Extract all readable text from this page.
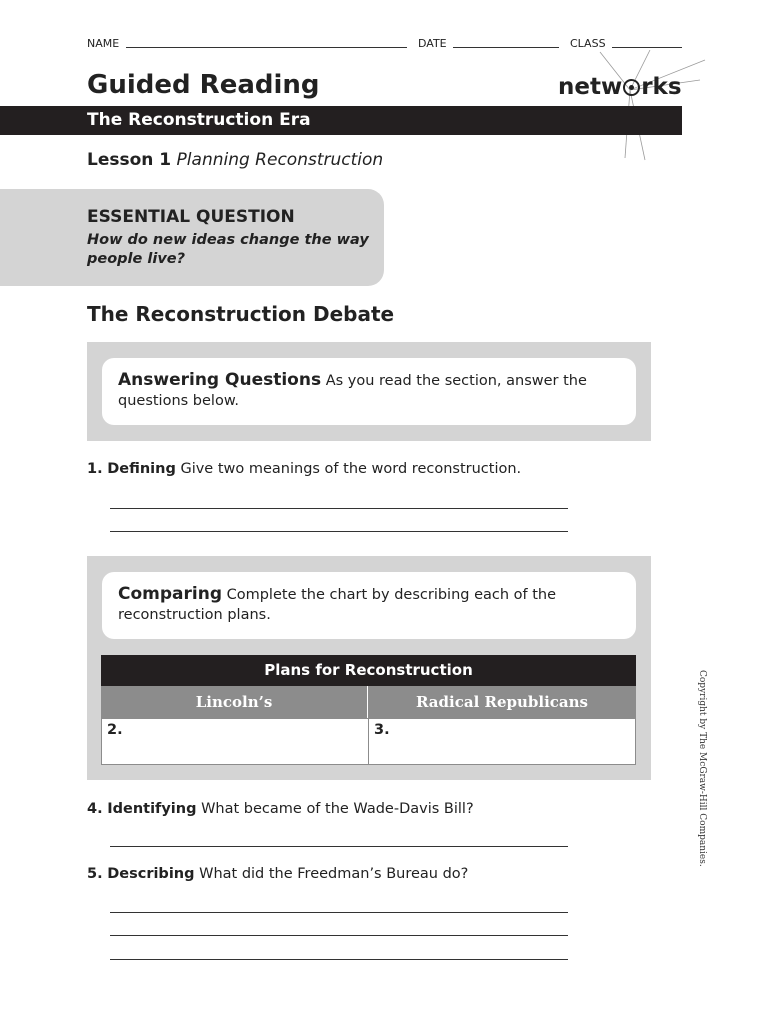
NAME	DATE	CLASS
Guided Reading	netw rks
The Reconstruction Era
Lesson 1 Planning Reconstruction
ESSENTIAL QUESTION
How do new ideas change the way people live?
The Reconstruction Debate
Answering Questions As you read the section, answer the questions below.
1. Defining Give two meanings of the word reconstruction.
Comparing Complete the chart by describing each of the reconstruction plans.
Plans for Reconstruction
Lincoln’s	Radical Republicans
2.	3.
4. Identifying What became of the Wade-Davis Bill?
5. Describing What did the Freedman’s Bureau do?
Copyright by The McGraw-Hill Companies.
